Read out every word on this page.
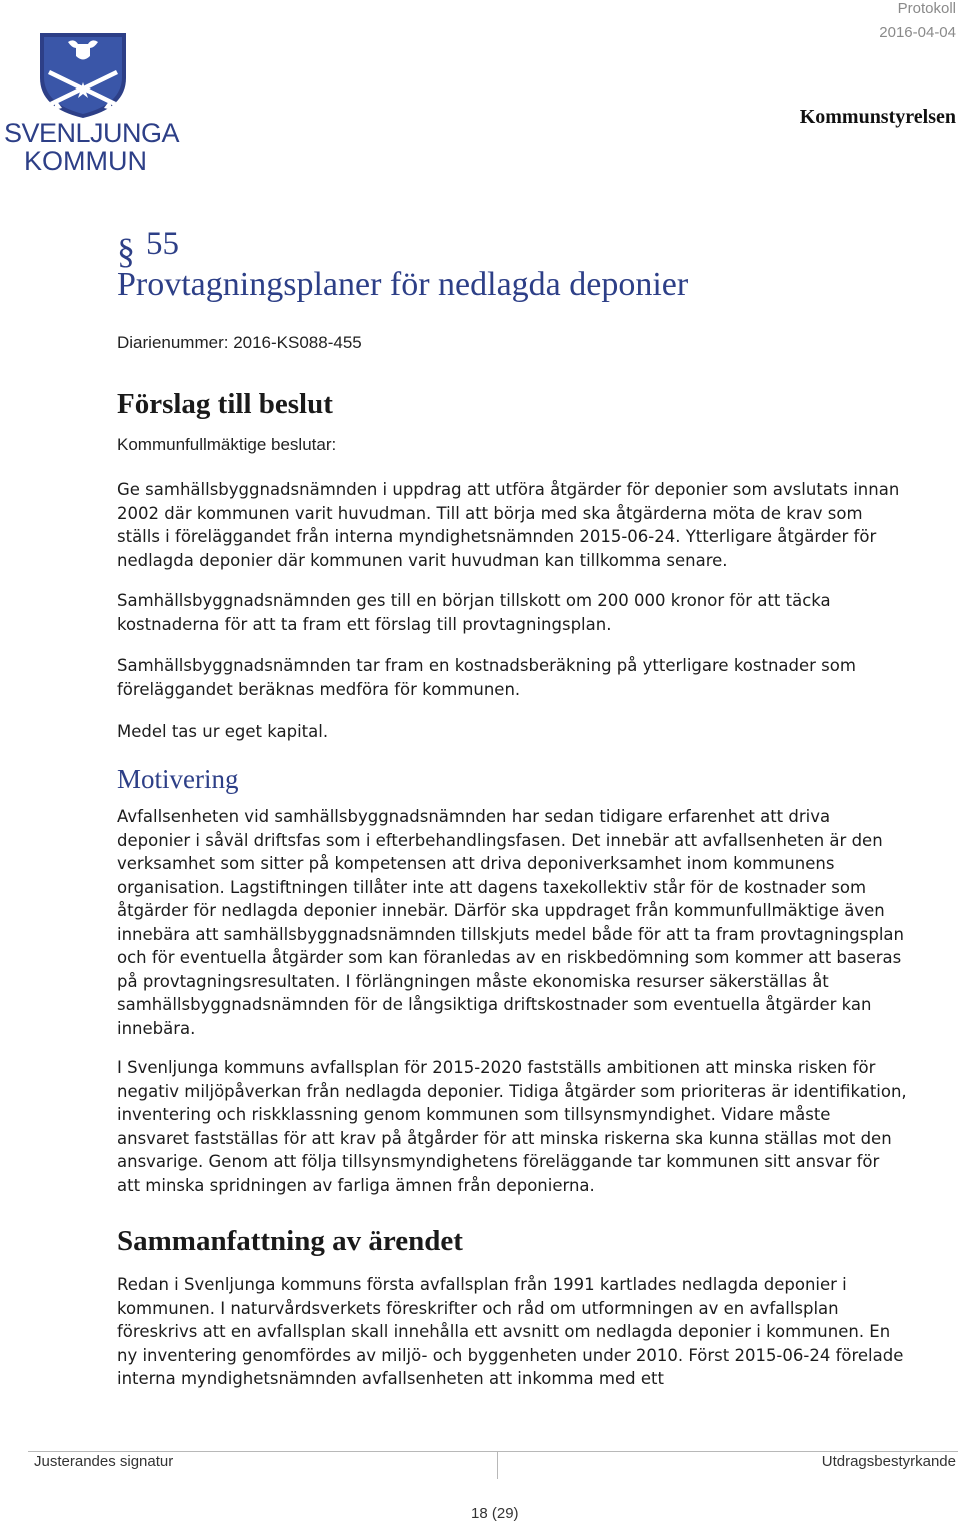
Protokoll
2016-04-04
Kommunstyrelsen
SVENLJUNGA
KOMMUN
§ 55
Provtagningsplaner för nedlagda deponier
Diarienummer: 2016-KS088-455
Förslag till beslut
Kommunfullmäktige beslutar:
Ge samhällsbyggnadsnämnden i uppdrag att utföra åtgärder för deponier som avslutats innan 2002 där kommunen varit huvudman. Till att börja med ska åtgärderna möta de krav som ställs i föreläggandet från interna myndighetsnämnden 2015-06-24. Ytterligare åtgärder för nedlagda deponier där kommunen varit huvudman kan tillkomma senare.
Samhällsbyggnadsnämnden ges till en början tillskott om 200 000 kronor för att täcka kostnaderna för att ta fram ett förslag till provtagningsplan.
Samhällsbyggnadsnämnden tar fram en kostnadsberäkning på ytterligare kostnader som föreläggandet beräknas medföra för kommunen.
Medel tas ur eget kapital.
Motivering
Avfallsenheten vid samhällsbyggnadsnämnden har sedan tidigare erfarenhet att driva deponier i såväl driftsfas som i efterbehandlingsfasen. Det innebär att avfallsenheten är den verksamhet som sitter på kompetensen att driva deponiverksamhet inom kommunens organisation. Lagstiftningen tillåter inte att dagens taxekollektiv står för de kostnader som åtgärder för nedlagda deponier innebär. Därför ska uppdraget från kommunfullmäktige även innebära att samhällsbyggnadsnämnden tillskjuts medel både för att ta fram provtagningsplan och för eventuella åtgärder som kan föranledas av en riskbedömning som kommer att baseras på provtagningsresultaten. I förlängningen måste ekonomiska resurser säkerställas åt samhällsbyggnadsnämnden för de långsiktiga driftskostnader som eventuella åtgärder kan innebära.
I Svenljunga kommuns avfallsplan för 2015-2020 fastställs ambitionen att minska risken för negativ miljöpåverkan från nedlagda deponier. Tidiga åtgärder som prioriteras är identifikation, inventering och riskklassning genom kommunen som tillsynsmyndighet. Vidare måste ansvaret fastställas för att krav på åtgårder för att minska riskerna ska kunna ställas mot den ansvarige. Genom att följa tillsynsmyndighetens föreläggande tar kommunen sitt ansvar för att minska spridningen av farliga ämnen från deponierna.
Sammanfattning av ärendet
Redan i Svenljunga kommuns första avfallsplan från 1991 kartlades nedlagda deponier i kommunen. I naturvårdsverkets föreskrifter och råd om utformningen av en avfallsplan föreskrivs att en avfallsplan skall innehålla ett avsnitt om nedlagda deponier i kommunen. En ny inventering genomfördes av miljö- och byggenheten under 2010. Först 2015-06-24 förelade interna myndighetsnämnden avfallsenheten att inkomma med ett
Justerandes signatur	Utdragsbestyrkande
18 (29)
